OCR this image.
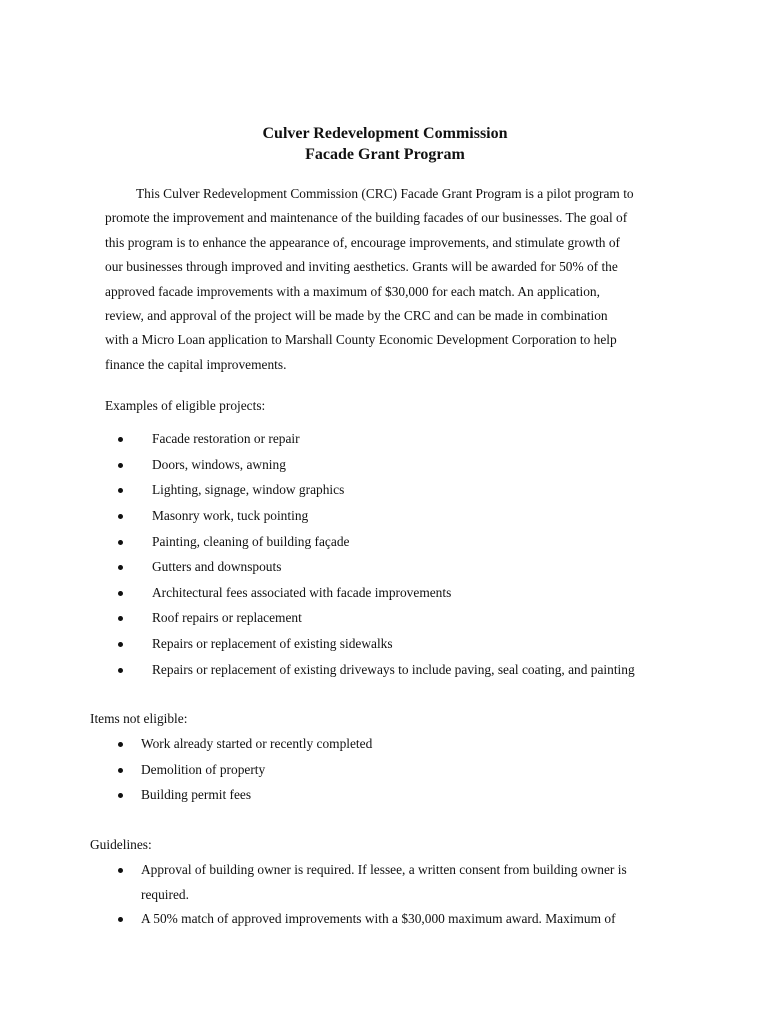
Culver Redevelopment Commission
Facade Grant Program
This Culver Redevelopment Commission (CRC) Facade Grant Program is a pilot program to
promote the improvement and maintenance of the building facades of our businesses. The goal of
this program is to enhance the appearance of, encourage improvements, and stimulate growth of
our businesses through improved and inviting aesthetics. Grants will be awarded for 50% of the
approved facade improvements with a maximum of $30,000 for each match. An application,
review, and approval of the project will be made by the CRC and can be made in combination
with a Micro Loan application to Marshall County Economic Development Corporation to help
finance the capital improvements.
Examples of eligible projects:
Facade restoration or repair
Doors, windows, awning
Lighting, signage, window graphics
Masonry work, tuck pointing
Painting, cleaning of building façade
Gutters and downspouts
Architectural fees associated with facade improvements
Roof repairs or replacement
Repairs or replacement of existing sidewalks
Repairs or replacement of existing driveways to include paving, seal coating, and painting
Items not eligible:
Work already started or recently completed
Demolition of property
Building permit fees
Guidelines:
Approval of building owner is required. If lessee, a written consent from building owner is
required.
A 50% match of approved improvements with a $30,000 maximum award. Maximum of
